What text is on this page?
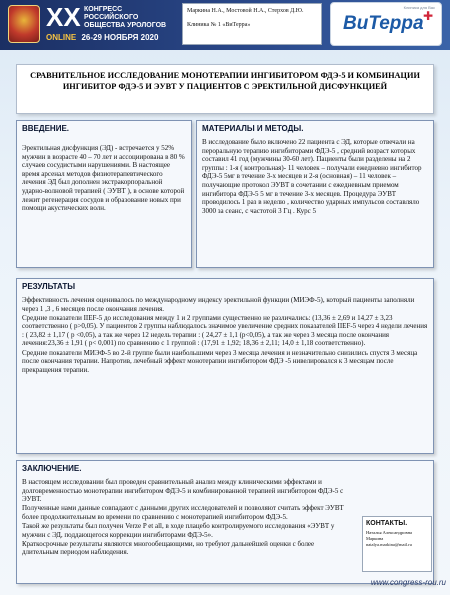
XX КОНГРЕСС РОССИЙСКОГО ОБЩЕСТВА УРОЛОГОВ
ONLINE 26-29 НОЯБРЯ 2020
Маркина Н.А., Мостовой Н.А., Стерхов Д.Ю.
Клиника № 1 «ВиТерра»
Клиника для Вас
ВиТерра ✚
СРАВНИТЕЛЬНОЕ ИССЛЕДОВАНИЕ МОНОТЕРАПИИ ИНГИБИТОРОМ ФДЭ-5 И КОМБИНАЦИИ ИНГИБИТОР ФДЭ-5 И ЭУВТ У ПАЦИЕНТОВ С ЭРЕКТИЛЬНОЙ ДИСФУНКЦИЕЙ
ВВЕДЕНИЕ.

Эректильная дисфункция (ЭД) - встречается у 52% мужчин в возрасте 40 – 70 лет и ассоциирована в 80 % случаев сосудистыми нарушениями. В настоящее время арсенал методов физиотерапевтического лечения ЭД был дополнен экстракорпоральной ударно-волновой терапией ( ЭУВТ ), в основе которой лежит регенерация сосудов и образование новых при помощи акустических волн.

МАТЕРИАЛЫ И МЕТОДЫ.

В исследование было включено 22 пациента с ЭД, которые отвечали на пероральную терапию ингибиторами ФДЭ-5 , средний возраст которых составил 41 год (мужчины 30-60 лет). Пациенты были разделены на 2 группы : 1-я ( контрольная)- 11 человек – получали ежедневно ингибитор ФДЭ-5 5мг в течение 3-х месяцев и 2-я (основная) – 11 человек – получающие протокол ЭУВТ в сочетании с ежедневным приемом ингибитора ФДЭ-5 5 мг в течение 3-х месяцев. Процедура ЭУВТ проводилось 1 раз в неделю , количество ударных импульсов составляло 3000 за сеанс, с частотой 3 Гц . Курс 5

РЕЗУЛЬТАТЫ

Эффективность лечения оценивалось по международному индексу эректильной функции (МИЭФ-5), который пациенты заполняли через 1 ,3 , 6 месяцев после окончания лечения.

Средние показатели IIEF-5 до исследования между 1 и 2 группами существенно не различались: (13,36 ± 2,69 и 14,27 ± 3,23 соответственно ( р>0,05). У пациентов 2 группы наблюдалось значимое увеличение средних показателей IIEF-5 через 4 недели лечения : ( 23,82 ± 1,17 ( р <0,05), а так же через 12 недель терапии : ( 24,27 ± 1,1 (р<0,05), а так же через 3 месяца после окончания лечения:23,36 ± 1,91 ( р< 0,001) по сравнению с 1 группой : (17,91 ± 1,92; 18,36 ± 2,11; 14,0 ± 1,18 соответственно).

Средние показатели МИЭФ-5 во 2-й группе были наибольшими через 3 месяца лечения и незначительно снизились спустя 3 месяца после окончания терапии. Напротив, лечебный эффект монотерапии ингибитором ФДЭ -5 нивелировался к 3 месяцам после прекращения терапии.

ЗАКЛЮЧЕНИЕ.

В настоящем исследовании был проведен сравнительный анализ между клиническими эффектами и долговременностью монотерапии ингибитором ФДЭ-5 и комбинированной терапией ингибитором ФДЭ-5 с ЭУВТ.

Полученные нами данные совпадают с данными других исследователей и позволяют считать эффект ЭУВТ более продолжительным во времени по сравнению с монотерапией ингибитором ФДЭ-5.

Такой же результаты был получен Verze P et all, в ходе плацебо контролируемого исследования «ЭУВТ у мужчин с ЭД, поддающегося коррекции ингибиторами ФДЭ-5».

Краткосрочные результаты являются многообещающими, но требуют дальнейшей оценки с более длительным периодом наблюдения.

КОНТАКТЫ.
Наталья Александровна Маркина
natalya.markina@mail.ru
www.congress-rou.ru
